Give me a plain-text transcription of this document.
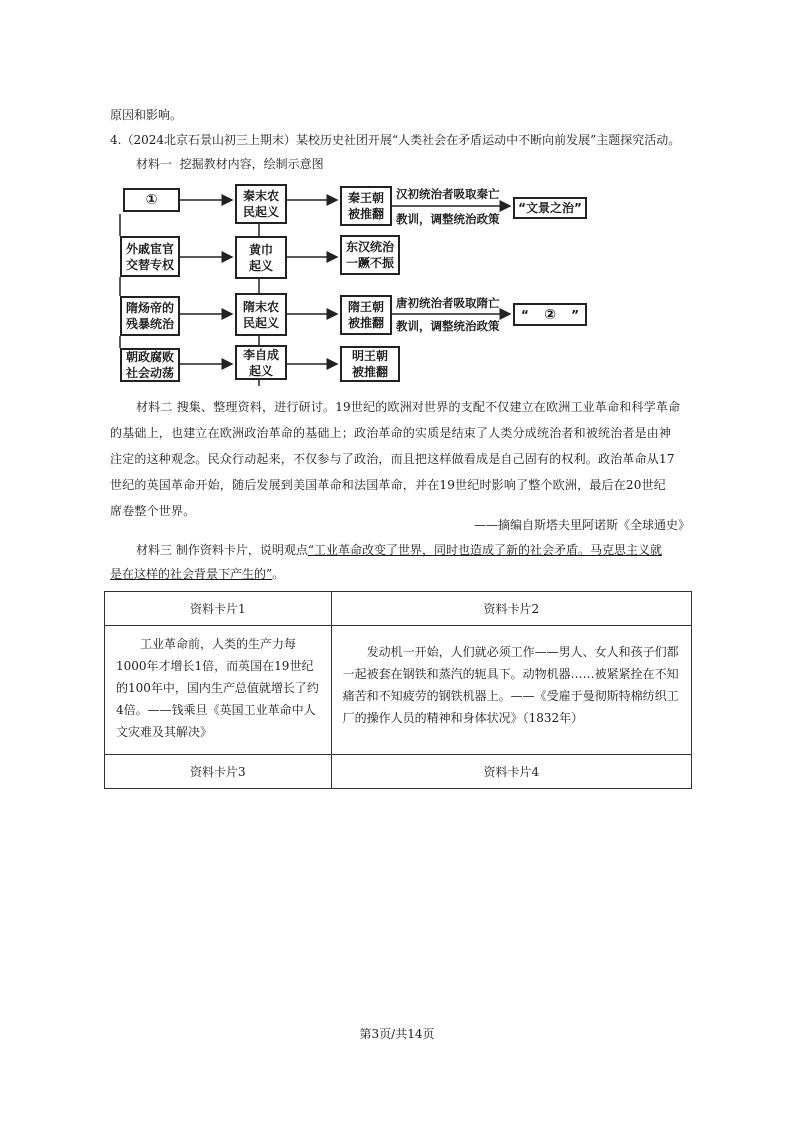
原因和影响。
4.（2024北京石景山初三上期末）某校历史社团开展“人类社会在矛盾运动中不断向前发展”主题探究活动。
材料一 挖掘教材内容，绘制示意图
①
外戚宦官
交替专权
隋炀帝的
残暴统治
朝政腐败
社会动荡
秦末农
民起义
黄巾
起义
隋末农
民起义
李自成
起义
秦王朝
被推翻
东汉统治
一蹶不振
隋王朝
被推翻
明王朝
被推翻
汉初统治者吸取秦亡
教训，调整统治政策
唐初统治者吸取隋亡
教训，调整统治政策
“文景之治”
“ ② ”
材料二 搜集、整理资料，进行研讨。19世纪的欧洲对世界的支配不仅建立在欧洲工业革命和科学革命
的基础上，也建立在欧洲政治革命的基础上；政治革命的实质是结束了人类分成统治者和被统治者是由神
注定的这种观念。民众行动起来，不仅参与了政治，而且把这样做看成是自己固有的权利。政治革命从17
世纪的英国革命开始，随后发展到美国革命和法国革命，并在19世纪时影响了整个欧洲，最后在20世纪
席卷整个世界。
——摘编自斯塔夫里阿诺斯《全球通史》
材料三 制作资料卡片，说明观点“工业革命改变了世界，同时也造成了新的社会矛盾。马克思主义就
是在这样的社会背景下产生的”。
资料卡片1	资料卡片2

工业革命前，人类的生产力每1000年才增长1倍，而英国在19世纪的100年中，国内生产总值就增长了约4倍。——钱乘旦《英国工业革命中人文灾难及其解决》	发动机一开始，人们就必须工作——男人、女人和孩子们都一起被套在钢铁和蒸汽的轭具下。动物机器……被紧紧拴在不知痛苦和不知疲劳的钢铁机器上。——《受雇于曼彻斯特棉纺织工厂的操作人员的精神和身体状况》（1832年）

资料卡片3	资料卡片4
第3页/共14页
